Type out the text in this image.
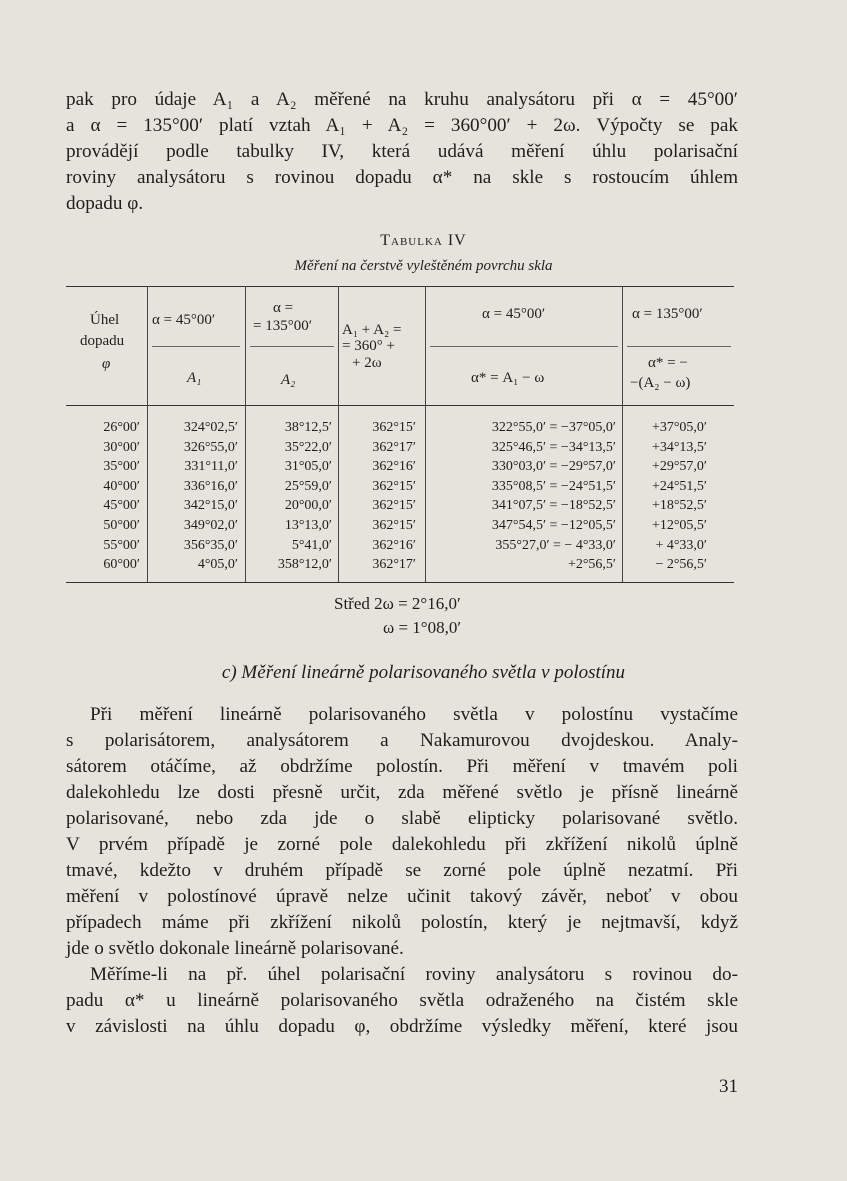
pak pro údaje A₁ a A₂ měřené na kruhu analysátoru při α = 45°00′
a α = 135°00′ platí vztah A₁ + A₂ = 360°00′ + 2ω. Výpočty se pak
provádějí podle tabulky IV, která udává měření úhlu polarisační
roviny analysátoru s rovinou dopadu α* na skle s rostoucím úhlem
dopadu φ.
Tabulka IV
Měření na čerstvě vyleštěném povrchu skla
Úhel
dopadu
φ
α = 45°00′
A₁
α =
= 135°00′
A₂
A₁ + A₂ =
= 360° +
+ 2ω
α = 45°00′
α* = A₁ − ω
α = 135°00′
α* = −
−(A₂ − ω)
26°00′
30°00′
35°00′
40°00′
45°00′
50°00′
55°00′
60°00′
324°02,5′
326°55,0′
331°11,0′
336°16,0′
342°15,0′
349°02,0′
356°35,0′
4°05,0′
38°12,5′
35°22,0′
31°05,0′
25°59,0′
20°00,0′
13°13,0′
5°41,0′
358°12,0′
362°15′
362°17′
362°16′
362°15′
362°15′
362°15′
362°16′
362°17′
322°55,0′ = −37°05,0′
325°46,5′ = −34°13,5′
330°03,0′ = −29°57,0′
335°08,5′ = −24°51,5′
341°07,5′ = −18°52,5′
347°54,5′ = −12°05,5′
355°27,0′ = − 4°33,0′
+2°56,5′
+37°05,0′
+34°13,5′
+29°57,0′
+24°51,5′
+18°52,5′
+12°05,5′
+ 4°33,0′
− 2°56,5′
Střed 2ω = 2°16,0′
ω = 1°08,0′
c) Měření lineárně polarisovaného světla v polostínu
Při měření lineárně polarisovaného světla v polostínu vystačíme
s polarisátorem, analysátorem a Nakamurovou dvojdeskou. Analy-
sátorem otáčíme, až obdržíme polostín. Při měření v tmavém poli
dalekohledu lze dosti přesně určit, zda měřené světlo je přísně lineárně
polarisované, nebo zda jde o slabě elipticky polarisované světlo.
V prvém případě je zorné pole dalekohledu při zkřížení nikolů úplně
tmavé, kdežto v druhém případě se zorné pole úplně nezatmí. Při
měření v polostínové úpravě nelze učinit takový závěr, neboť v obou
případech máme při zkřížení nikolů polostín, který je nejtmavší, když
jde o světlo dokonale lineárně polarisované.
Měříme-li na př. úhel polarisační roviny analysátoru s rovinou do-
padu α* u lineárně polarisovaného světla odraženého na čistém skle
v závislosti na úhlu dopadu φ, obdržíme výsledky měření, které jsou
31
